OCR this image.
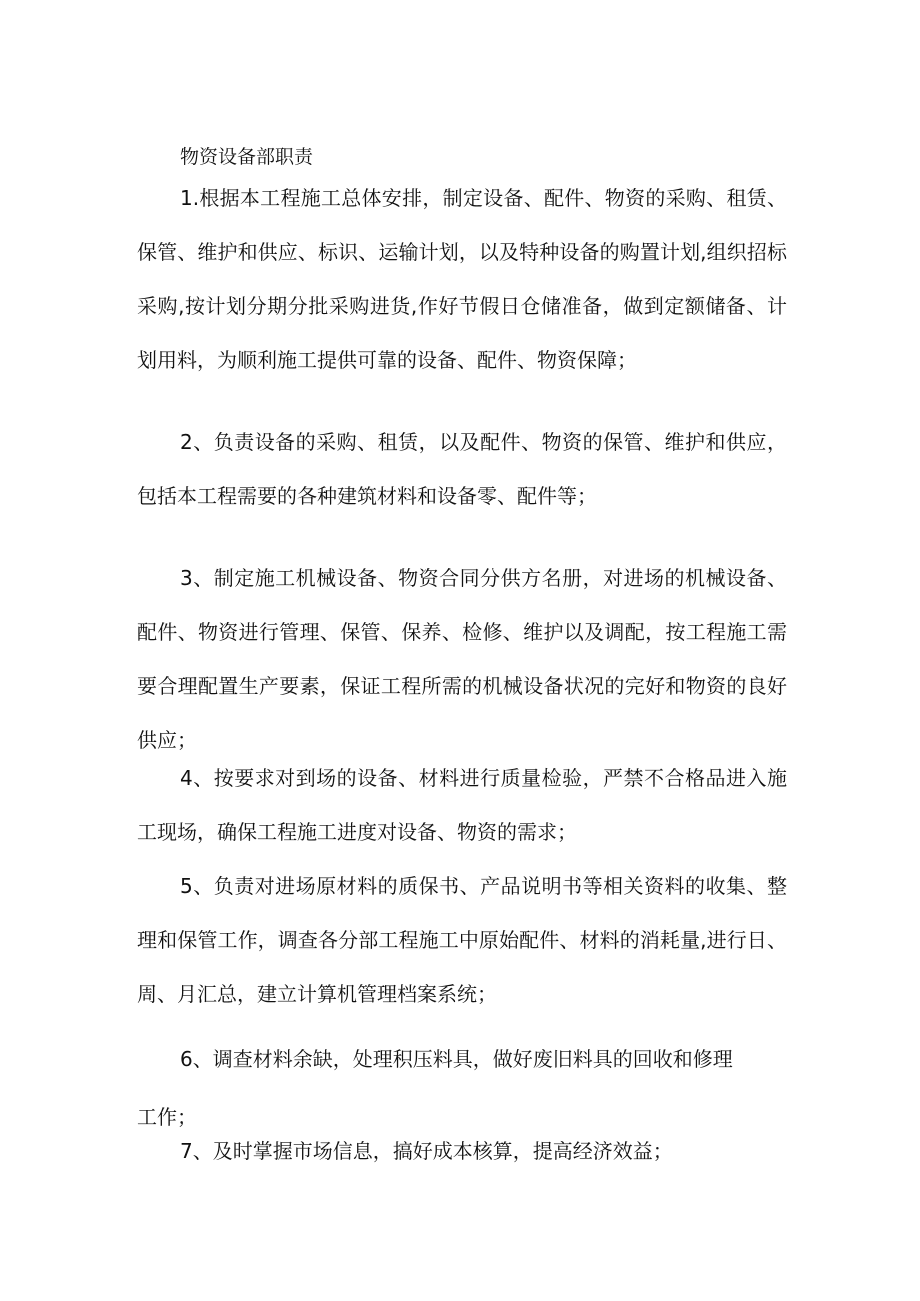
物资设备部职责

1.根据本工程施工总体安排，制定设备、配件、物资的采购、租赁、保管、维护和供应、标识、运输计划，以及特种设备的购置计划,组织招标采购,按计划分期分批采购进货,作好节假日仓储准备，做到定额储备、计划用料，为顺利施工提供可靠的设备、配件、物资保障；

2、负责设备的采购、租赁，以及配件、物资的保管、维护和供应，包括本工程需要的各种建筑材料和设备零、配件等；

3、制定施工机械设备、物资合同分供方名册，对进场的机械设备、配件、物资进行管理、保管、保养、检修、维护以及调配，按工程施工需要合理配置生产要素，保证工程所需的机械设备状况的完好和物资的良好供应；

4、按要求对到场的设备、材料进行质量检验，严禁不合格品进入施工现场，确保工程施工进度对设备、物资的需求；

5、负责对进场原材料的质保书、产品说明书等相关资料的收集、整理和保管工作，调查各分部工程施工中原始配件、材料的消耗量,进行日、周、月汇总，建立计算机管理档案系统；

6、调查材料余缺，处理积压料具，做好废旧料具的回收和修理

工作；

7、及时掌握市场信息，搞好成本核算，提高经济效益；
